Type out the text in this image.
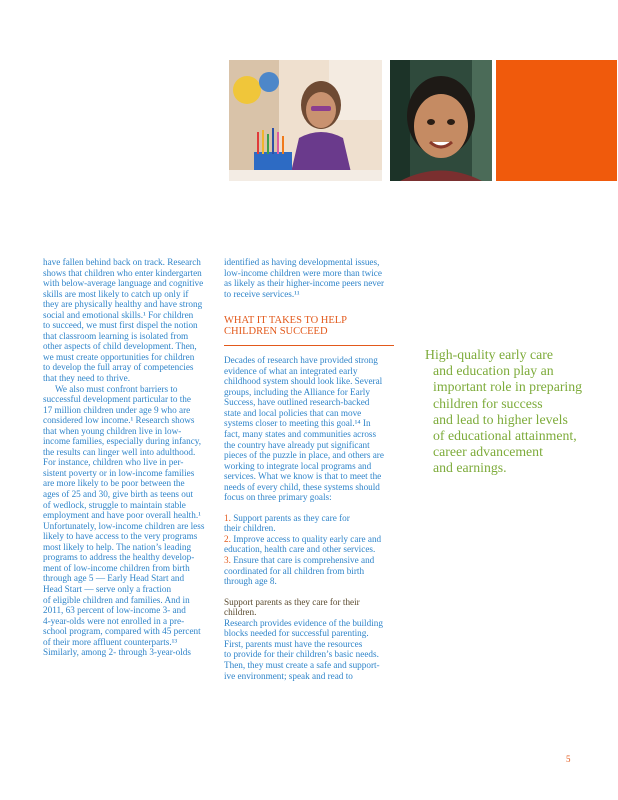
have fallen behind back on track. Research

shows that children who enter kindergarten

with below-average language and cognitive

skills are most likely to catch up only if

they are physically healthy and have strong

social and emotional skills.¹ For children

to succeed, we must first dispel the notion

that classroom learning is isolated from

other aspects of child development. Then,

we must create opportunities for children

to develop the full array of competencies

that they need to thrive.

We also must confront barriers to

successful development particular to the

17 million children under age 9 who are

considered low income.¹ Research shows

that when young children live in low-

income families, especially during infancy,

the results can linger well into adulthood.

For instance, children who live in per-

sistent poverty or in low-income families

are more likely to be poor between the

ages of 25 and 30, give birth as teens out

of wedlock, struggle to maintain stable

employment and have poor overall health.¹

Unfortunately, low-income children are less

likely to have access to the very programs

most likely to help. The nation’s leading

programs to address the healthy develop-

ment of low-income children from birth

through age 5 — Early Head Start and

Head Start — serve only a fraction

of eligible children and families. And in

2011, 63 percent of low-income 3- and

4-year-olds were not enrolled in a pre-

school program, compared with 45 percent

of their more affluent counterparts.¹³

Similarly, among 2- through 3-year-olds

identified as having developmental issues,

low-income children were more than twice

as likely as their higher-income peers never

to receive services.¹¹

WHAT IT TAKES TO HELP

CHILDREN SUCCEED

Decades of research have provided strong

evidence of what an integrated early

childhood system should look like. Several

groups, including the Alliance for Early

Success, have outlined research-backed

state and local policies that can move

systems closer to meeting this goal.¹⁴ In

fact, many states and communities across

the country have already put significant

pieces of the puzzle in place, and others are

working to integrate local programs and

services. What we know is that to meet the

needs of every child, these systems should

focus on three primary goals:

1. Support parents as they care for

their children.

2. Improve access to quality early care and

education, health care and other services.

3. Ensure that care is comprehensive and

coordinated for all children from birth

through age 8.

Support parents as they care for their children.

Research provides evidence of the building

blocks needed for successful parenting.

First, parents must have the resources

to provide for their children’s basic needs.

Then, they must create a safe and support-

ive environment; speak and read to

High-quality early care
and education play an
important role in preparing
children for success
and lead to higher levels
of educational attainment,
career advancement
and earnings.
5
